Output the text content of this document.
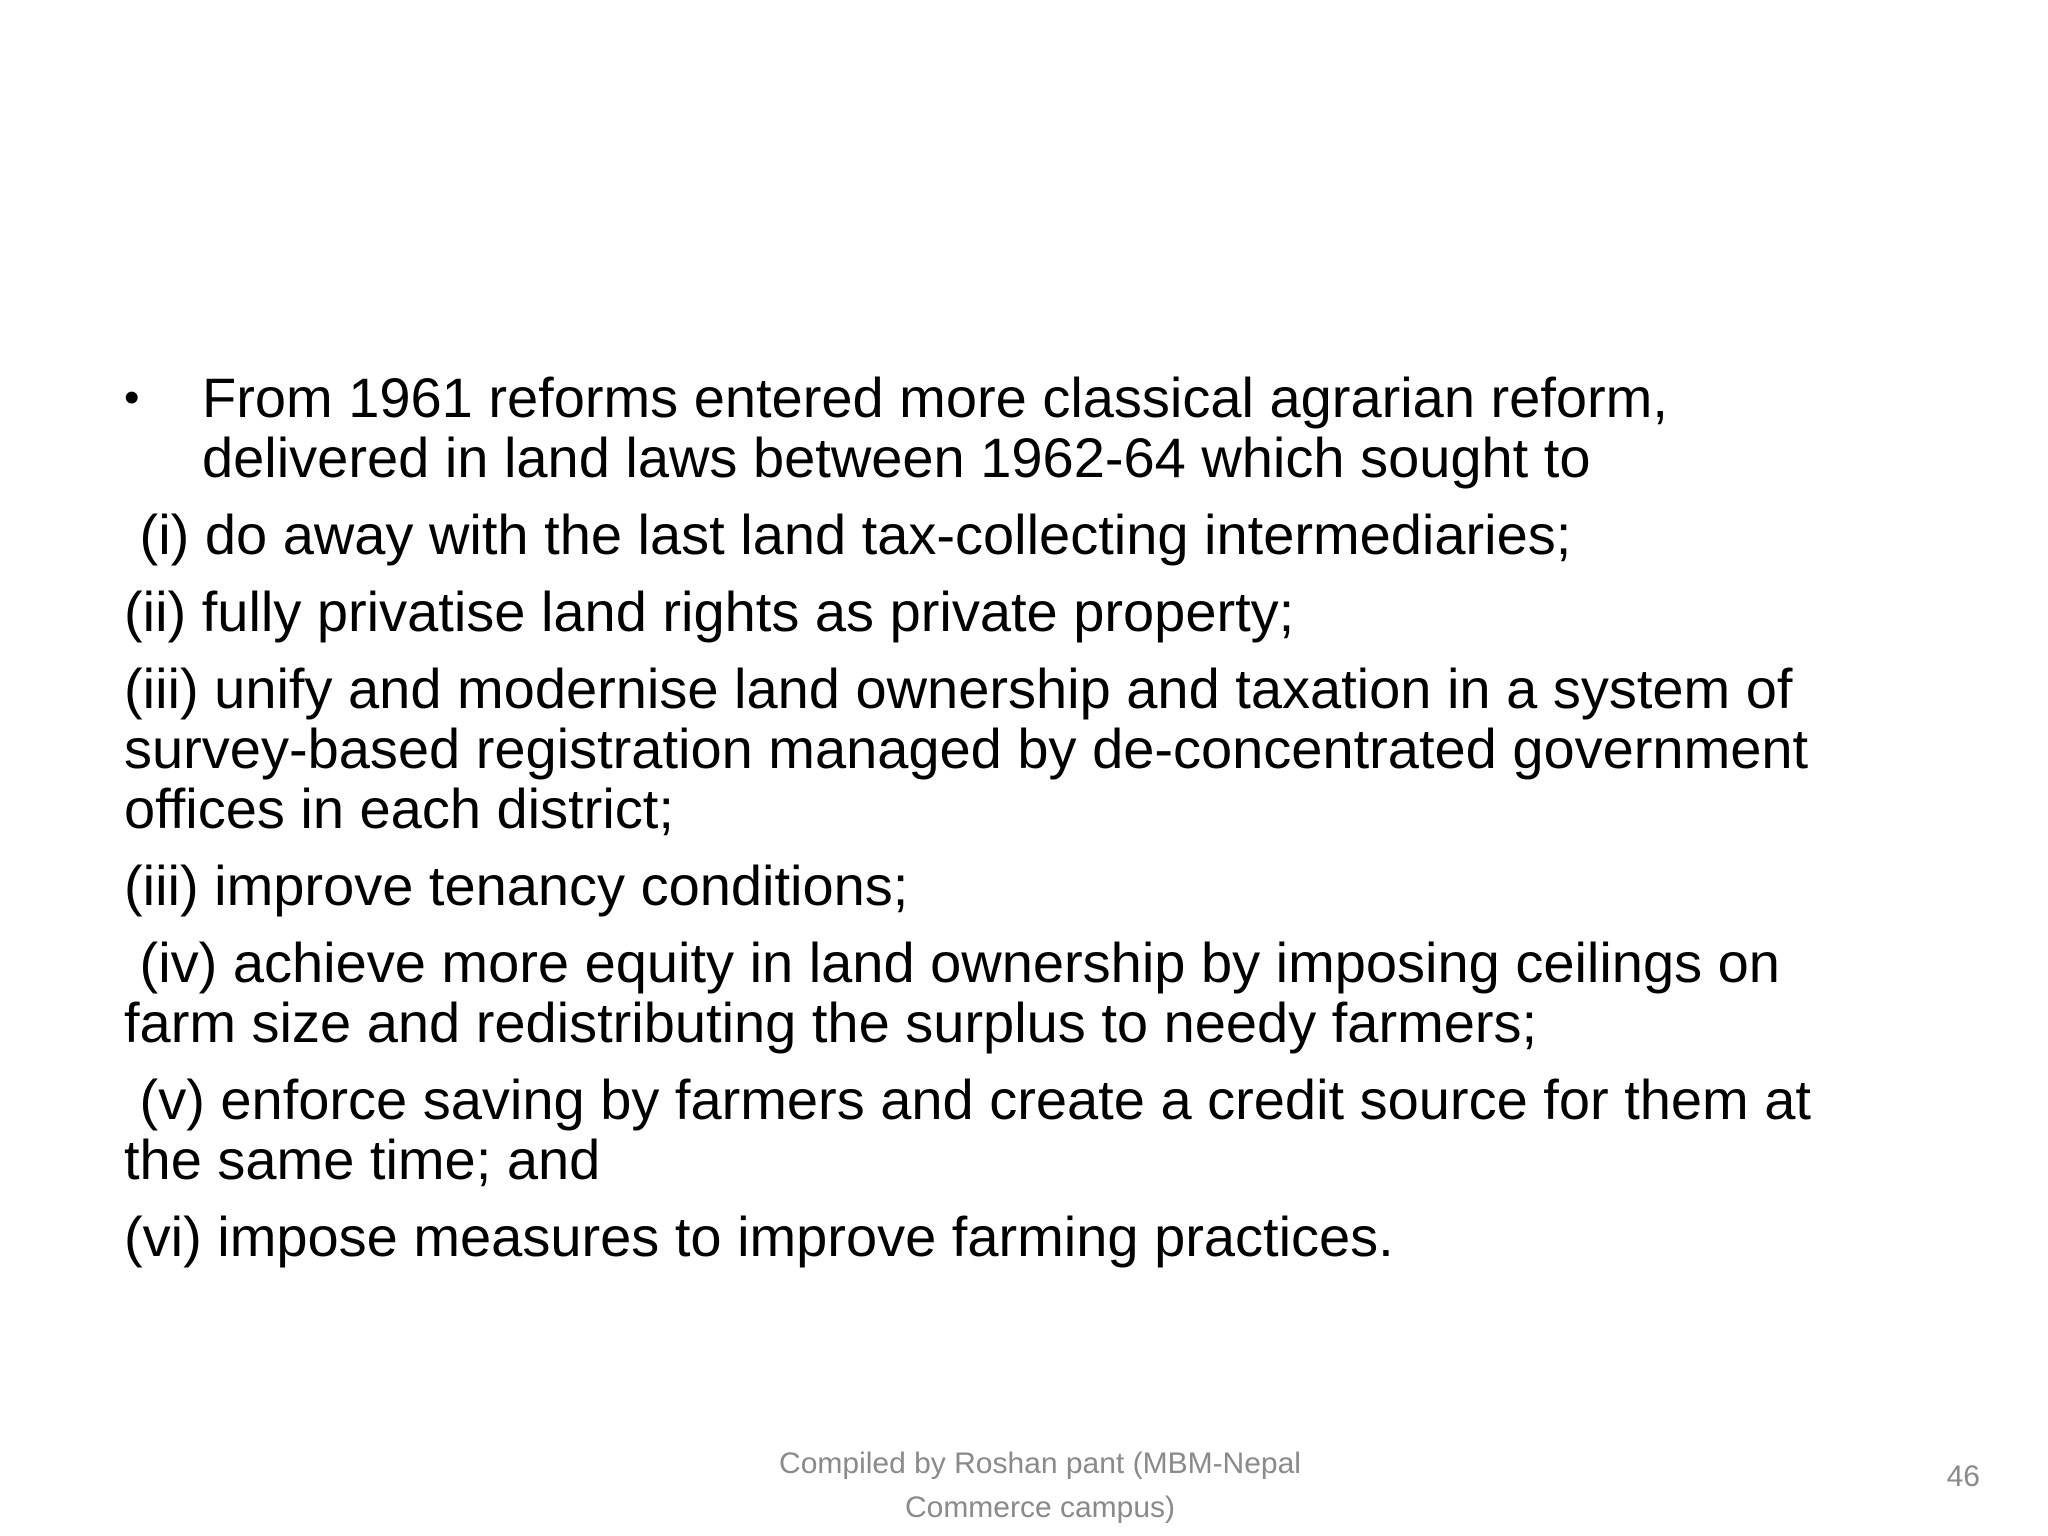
•	From 1961 reforms entered more classical agrarian reform,
delivered in land laws between 1962-64 which sought to
(i) do away with the last land tax-collecting intermediaries;
(ii) fully privatise land rights as private property;
(iii) unify and modernise land ownership and taxation in a system of
survey-based registration managed by de-concentrated government
offices in each district;
(iii) improve tenancy conditions;
(iv) achieve more equity in land ownership by imposing ceilings on
farm size and redistributing the surplus to needy farmers;
(v) enforce saving by farmers and create a credit source for them at
the same time; and
(vi) impose measures to improve farming practices.
Compiled by Roshan pant (MBM-Nepal
Commerce campus)
46
